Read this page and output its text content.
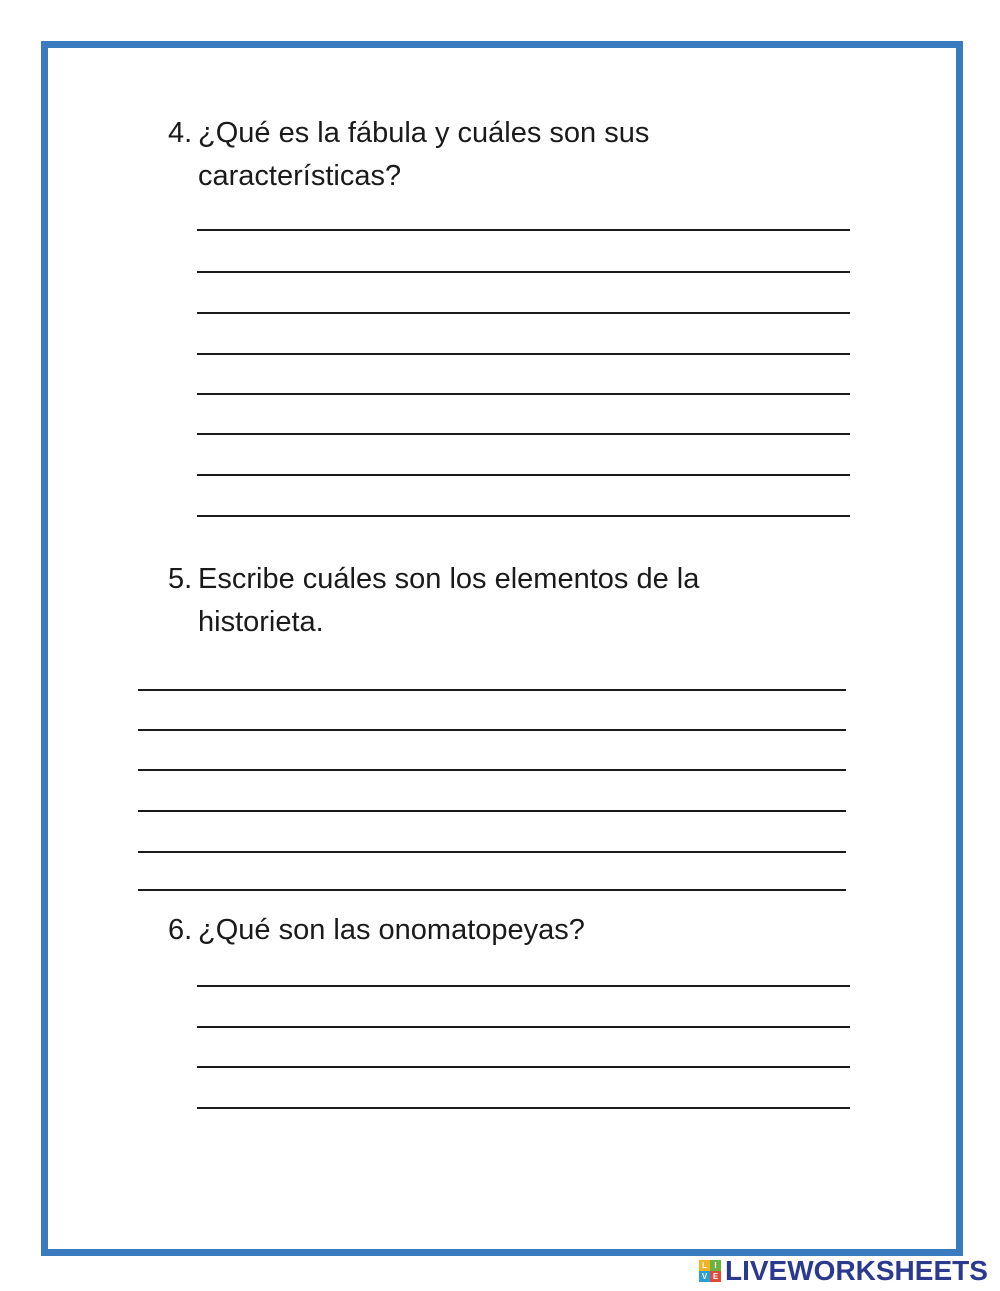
4. ¿Qué es la fábula y cuáles son sus características?
5. Escribe cuáles son los elementos de la historieta.
6. ¿Qué son las onomatopeyas?
L I
V E LIVEWORKSHEETS
